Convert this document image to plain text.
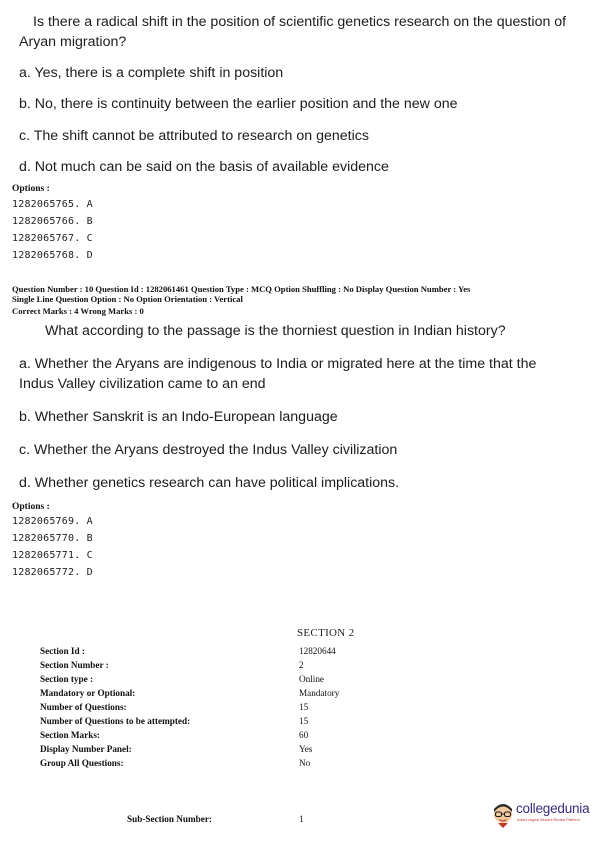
Is there a radical shift in the position of scientific genetics research on the question of
Aryan migration?
a. Yes, there is a complete shift in position
b. No, there is continuity between the earlier position and the new one
c. The shift cannot be attributed to research on genetics
d. Not much can be said on the basis of available evidence
Options :
1282065765. A
1282065766. B
1282065767. C
1282065768. D
Question Number : 10 Question Id : 1282061461 Question Type : MCQ Option Shuffling : No Display Question Number : Yes
Single Line Question Option : No Option Orientation : Vertical
Correct Marks : 4 Wrong Marks : 0
What according to the passage is the thorniest question in Indian history?
a. Whether the Aryans are indigenous to India or migrated here at the time that the
Indus Valley civilization came to an end
b. Whether Sanskrit is an Indo-European language
c. Whether the Aryans destroyed the Indus Valley civilization
d. Whether genetics research can have political implications.
Options :
1282065769. A
1282065770. B
1282065771. C
1282065772. D
SECTION 2
Section Id :	12820644
Section Number :	2
Section type :	Online
Mandatory or Optional:	Mandatory
Number of Questions:	15
Number of Questions to be attempted:	15
Section Marks:	60
Display Number Panel:	Yes
Group All Questions:	No
Sub-Section Number:	1
collegedunia
India's largest Student Review Platform
